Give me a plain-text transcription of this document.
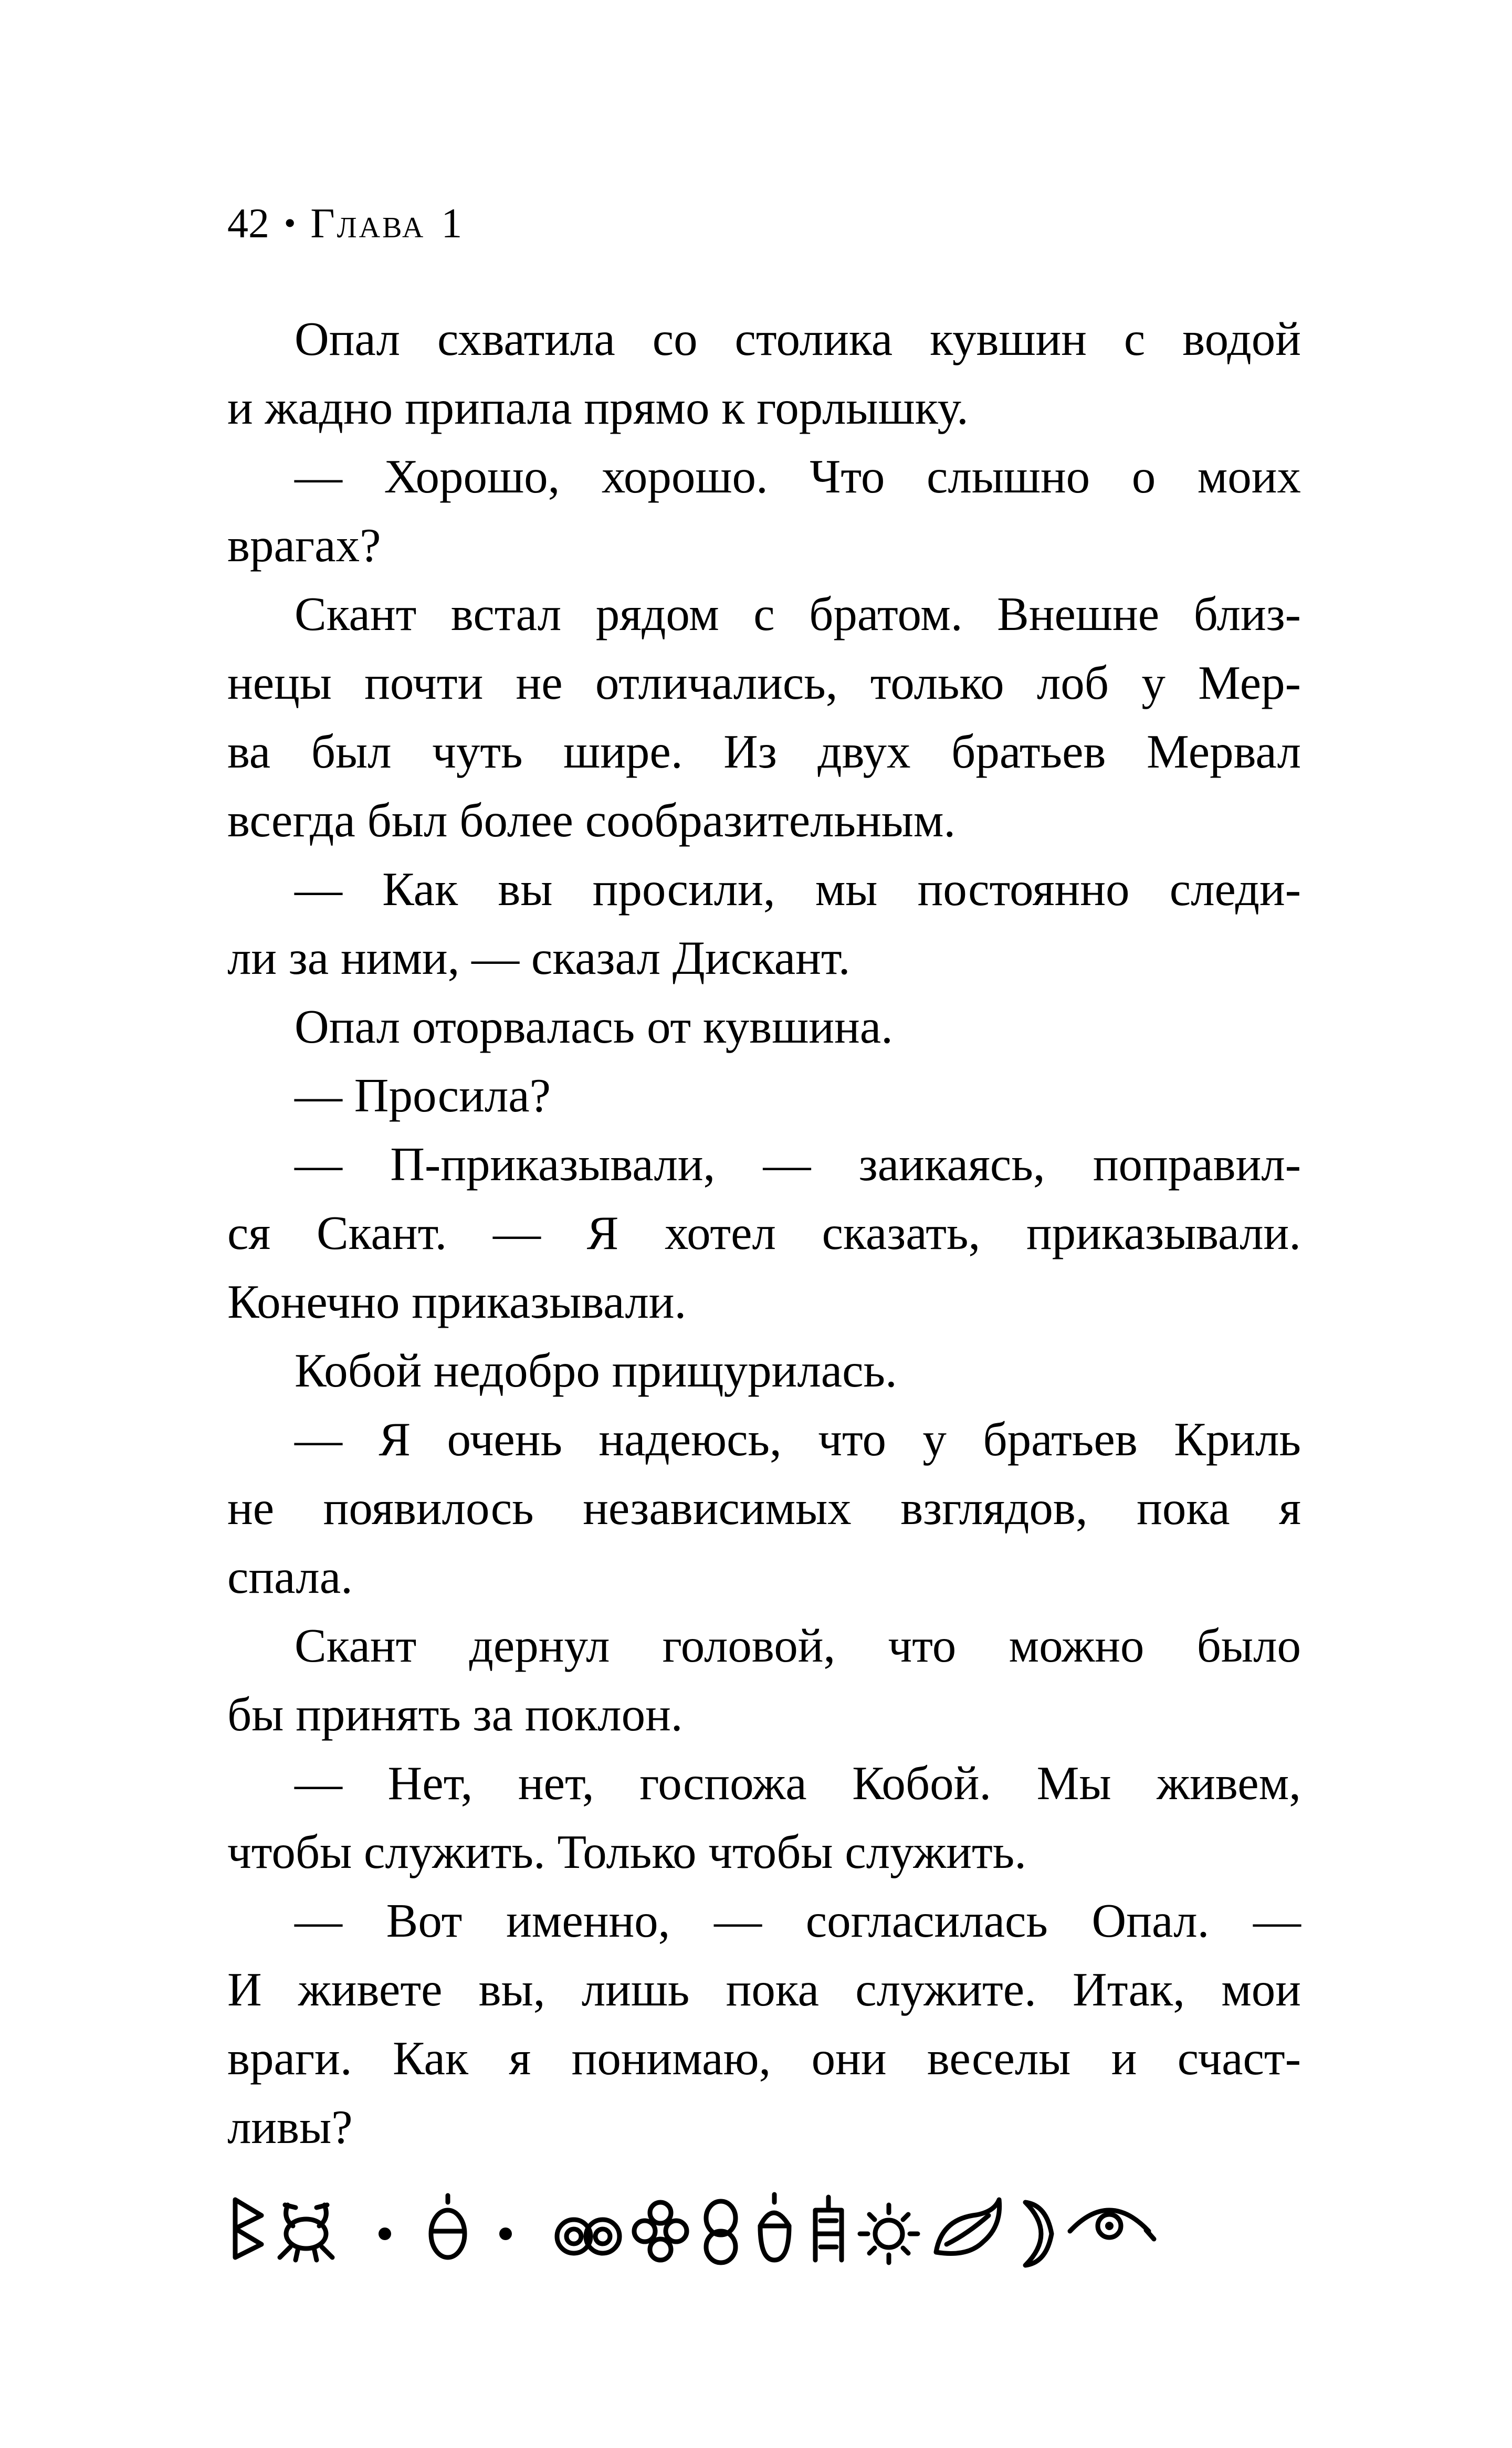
42 • Глава 1
Опал схватила со столика кувшин с водой
и жадно припала прямо к горлышку.
— Хорошо, хорошо. Что слышно о моих
врагах?
Скант встал рядом с братом. Внешне близ-
нецы почти не отличались, только лоб у Мер-
ва был чуть шире. Из двух братьев Мервал
всегда был более сообразительным.
— Как вы просили, мы постоянно следи-
ли за ними, — сказал Дискант.
Опал оторвалась от кувшина.
— Просила?
— П-приказывали, — заикаясь, поправил-
ся Скант. — Я хотел сказать, приказывали.
Конечно приказывали.
Кобой недобро прищурилась.
— Я очень надеюсь, что у братьев Криль
не появилось независимых взглядов, пока я
спала.
Скант дернул головой, что можно было
бы принять за поклон.
— Нет, нет, госпожа Кобой. Мы живем,
чтобы служить. Только чтобы служить.
— Вот именно, — согласилась Опал. —
И живете вы, лишь пока служите. Итак, мои
враги. Как я понимаю, они веселы и счаст-
ливы?
